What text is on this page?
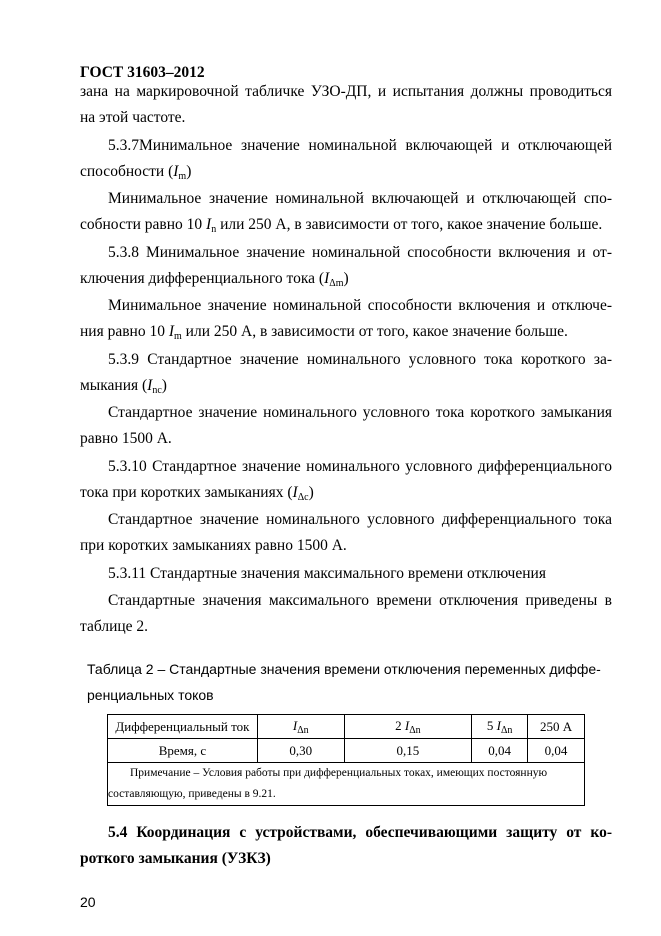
ГОСТ 31603–2012
зана на маркировочной табличке УЗО-ДП, и испытания должны проводиться
на этой частоте.
5.3.7Минимальное значение номинальной включающей и отключающей
способности $(I_m)$
Минимальное значение номинальной включающей и отключающей спо-
собности равно 10 $I_n$ или 250 А, в зависимости от того, какое значение больше.
5.3.8 Минимальное значение номинальной способности включения и от-
ключения дифференциального тока $(I_{\Delta m})$
Минимальное значение номинальной способности включения и отключе-
ния равно 10 $I_m$ или 250 А, в зависимости от того, какое значение больше.
5.3.9 Стандартное значение номинального условного тока короткого за-
мыкания $(I_{nc})$
Стандартное значение номинального условного тока короткого замыкания
равно 1500 А.
5.3.10 Стандартное значение номинального условного дифференциального
тока при коротких замыканиях $(I_{\Delta c})$
Стандартное значение номинального условного дифференциального тока
при коротких замыканиях равно 1500 А.
5.3.11 Стандартные значения максимального времени отключения
Стандартные значения максимального времени отключения приведены в
таблице 2.
Таблица 2 – Стандартные значения времени отключения переменных диффе-
ренциальных токов
Дифференциальный ток	$I_{\Delta n}$	2 $I_{\Delta n}$	5 $I_{\Delta n}$	250 А
Время, с	0,30	0,15	0,04	0,04

Примечание – Условия работы при дифференциальных токах, имеющих постоянную
составляющую, приведены в 9.21.				
5.4 Координация с устройствами, обеспечивающими защиту от ко-
роткого замыкания (УЗКЗ)
20
